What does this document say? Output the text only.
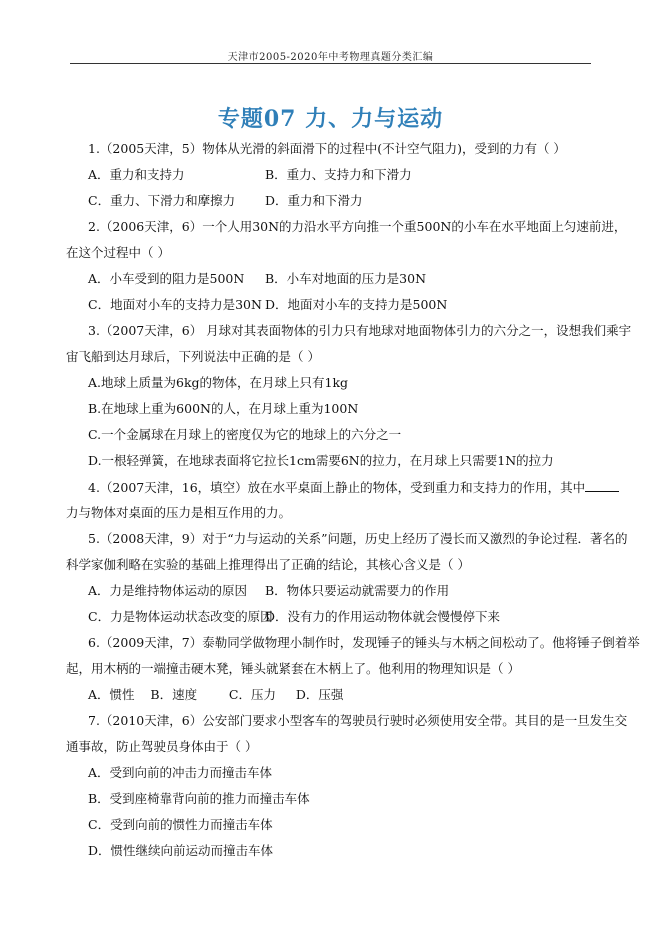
天津市2005-2020年中考物理真题分类汇编
专题07 力、力与运动
1.（2005天津，5）物体从光滑的斜面滑下的过程中(不计空气阻力)，受到的力有（ ）
A．重力和支持力	B．重力、支持力和下滑力
C．重力、下滑力和摩擦力 D．重力和下滑力
2.（2006天津，6）一个人用30N的力沿水平方向推一个重500N的小车在水平地面上匀速前进，
在这个过程中（ ）
A．小车受到的阻力是500N B．小车对地面的压力是30N
C．地面对小车的支持力是30N D．地面对小车的支持力是500N
3.（2007天津，6） 月球对其表面物体的引力只有地球对地面物体引力的六分之一，设想我们乘宇
宙飞船到达月球后，下列说法中正确的是（ ）
A.地球上质量为6kg的物体，在月球上只有1kg
B.在地球上重为600N的人，在月球上重为100N
C.一个金属球在月球上的密度仅为它的地球上的六分之一
D.一根轻弹簧，在地球表面将它拉长1cm需要6N的拉力，在月球上只需要1N的拉力
4.（2007天津，16，填空）放在水平桌面上静止的物体，受到重力和支持力的作用，其中
力与物体对桌面的压力是相互作用的力。
5.（2008天津，9）对于“力与运动的关系”问题，历史上经历了漫长而又激烈的争论过程．著名的
科学家伽利略在实验的基础上推理得出了正确的结论，其核心含义是（ ）
A．力是维持物体运动的原因 B．物体只要运动就需要力的作用
C．力是物体运动状态改变的原因
D．没有力的作用运动物体就会慢慢停下来
6.（2009天津，7）泰勒同学做物理小制作时，发现锤子的锤头与木柄之间松动了。他将锤子倒着举
起，用木柄的一端撞击硬木凳，锤头就紧套在木柄上了。他利用的物理知识是（ ）
A．惯性    B．速度        C．压力     D．压强
7.（2010天津，6）公安部门要求小型客车的驾驶员行驶时必须使用安全带。其目的是一旦发生交
通事故，防止驾驶员身体由于（ ）
A．受到向前的冲击力而撞击车体
B．受到座椅靠背向前的推力而撞击车体
C．受到向前的惯性力而撞击车体
D．惯性继续向前运动而撞击车体
